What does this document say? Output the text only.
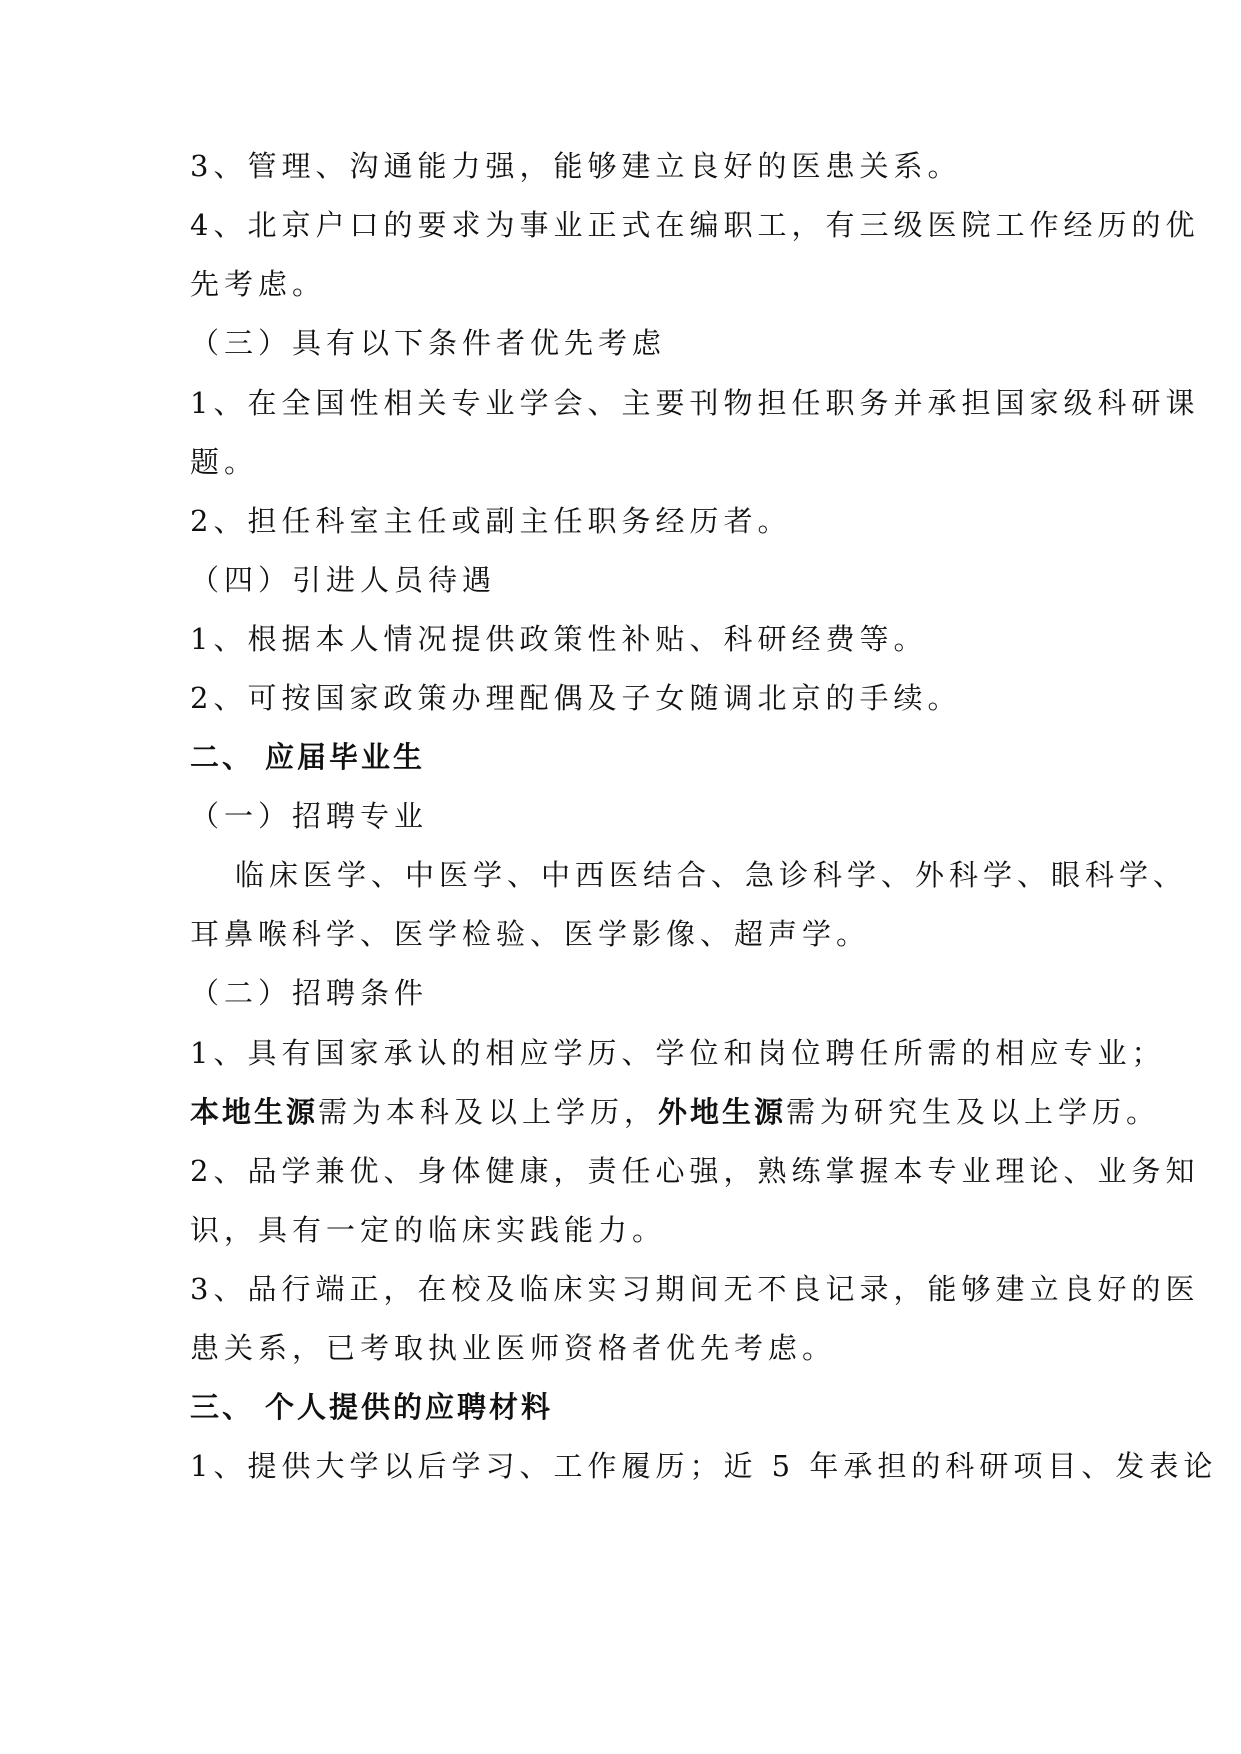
3、管理、沟通能力强，能够建立良好的医患关系。
4、北京户口的要求为事业正式在编职工，有三级医院工作经历的优
先考虑。
（三）具有以下条件者优先考虑
1、在全国性相关专业学会、主要刊物担任职务并承担国家级科研课
题。
2、担任科室主任或副主任职务经历者。
（四）引进人员待遇
1、根据本人情况提供政策性补贴、科研经费等。
2、可按国家政策办理配偶及子女随调北京的手续。
二、 应届毕业生
（一）招聘专业
临床医学、中医学、中西医结合、急诊科学、外科学、眼科学、
耳鼻喉科学、医学检验、医学影像、超声学。
（二）招聘条件
1、具有国家承认的相应学历、学位和岗位聘任所需的相应专业；
本地生源需为本科及以上学历，外地生源需为研究生及以上学历。
2、品学兼优、身体健康，责任心强，熟练掌握本专业理论、业务知
识，具有一定的临床实践能力。
3、品行端正，在校及临床实习期间无不良记录，能够建立良好的医
患关系，已考取执业医师资格者优先考虑。
三、 个人提供的应聘材料
1、提供大学以后学习、工作履历；近 5 年承担的科研项目、发表论
